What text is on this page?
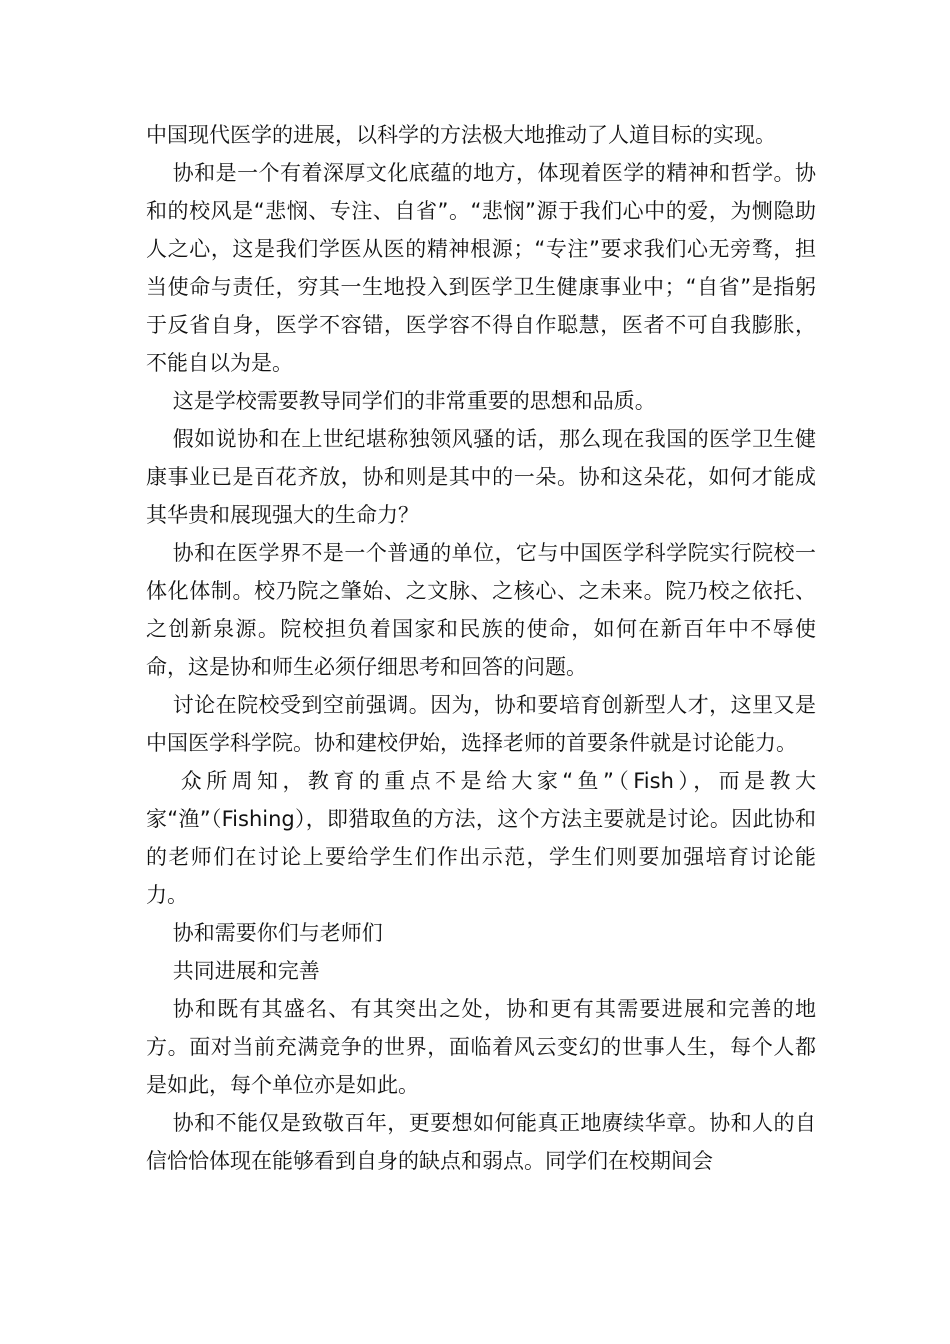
中国现代医学的进展，以科学的方法极大地推动了人道目标的实现。

协和是一个有着深厚文化底蕴的地方，体现着医学的精神和哲学。协和的校风是“悲悯、专注、自省”。“悲悯”源于我们心中的爱，为恻隐助人之心，这是我们学医从医的精神根源；“专注”要求我们心无旁骛，担当使命与责任，穷其一生地投入到医学卫生健康事业中；“自省”是指躬于反省自身，医学不容错，医学容不得自作聪慧，医者不可自我膨胀，不能自以为是。

这是学校需要教导同学们的非常重要的思想和品质。

假如说协和在上世纪堪称独领风骚的话，那么现在我国的医学卫生健康事业已是百花齐放，协和则是其中的一朵。协和这朵花，如何才能成其华贵和展现强大的生命力？

协和在医学界不是一个普通的单位，它与中国医学科学院实行院校一体化体制。校乃院之肇始、之文脉、之核心、之未来。院乃校之依托、之创新泉源。院校担负着国家和民族的使命，如何在新百年中不辱使命，这是协和师生必须仔细思考和回答的问题。

讨论在院校受到空前强调。因为，协和要培育创新型人才，这里又是中国医学科学院。协和建校伊始，选择老师的首要条件就是讨论能力。

众所周知，教育的重点不是给大家“鱼”（Fish），而是教大家“渔”（Fishing），即猎取鱼的方法，这个方法主要就是讨论。因此协和的老师们在讨论上要给学生们作出示范，学生们则要加强培育讨论能力。

协和需要你们与老师们

共同进展和完善

协和既有其盛名、有其突出之处，协和更有其需要进展和完善的地方。面对当前充满竞争的世界，面临着风云变幻的世事人生，每个人都是如此，每个单位亦是如此。

协和不能仅是致敬百年，更要想如何能真正地赓续华章。协和人的自信恰恰体现在能够看到自身的缺点和弱点。同学们在校期间会
